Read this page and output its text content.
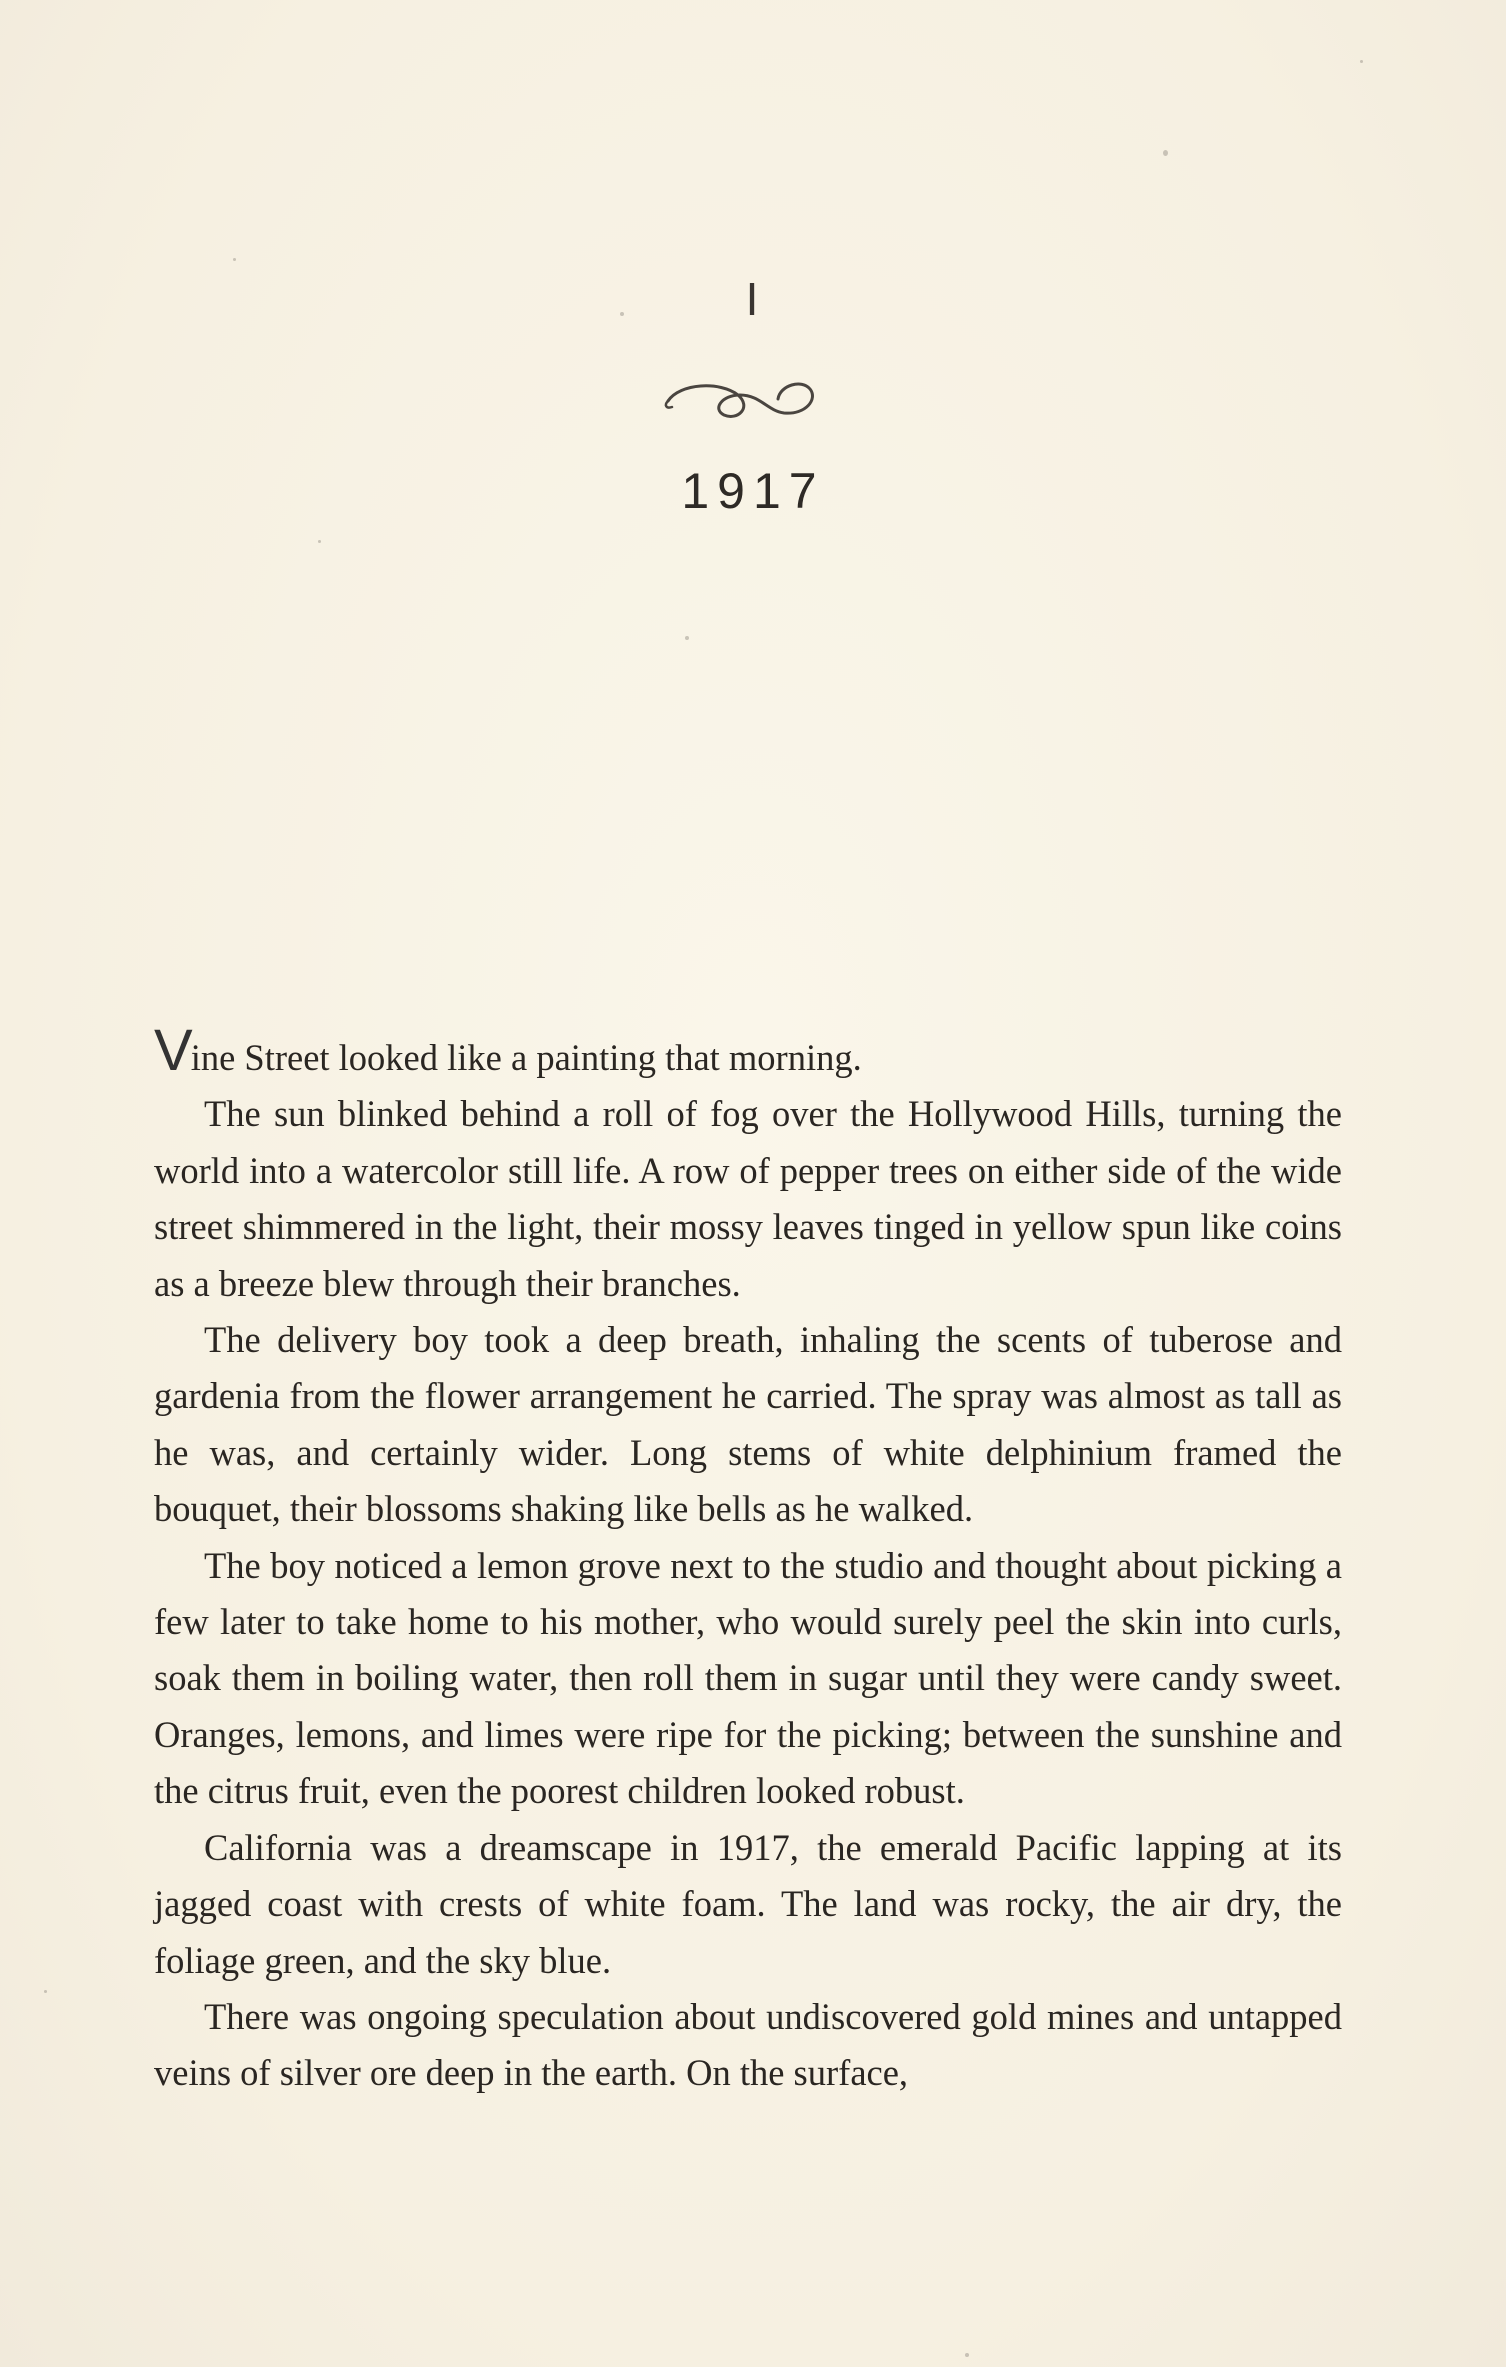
I
1917

Vine Street looked like a painting that morning.

The sun blinked behind a roll of fog over the Hollywood Hills, turning the world into a watercolor still life. A row of pepper trees on either side of the wide street shimmered in the light, their mossy leaves tinged in yellow spun like coins as a breeze blew through their branches.

The delivery boy took a deep breath, inhaling the scents of tuberose and gardenia from the flower arrangement he carried. The spray was almost as tall as he was, and certainly wider. Long stems of white delphinium framed the bouquet, their blossoms shaking like bells as he walked.

The boy noticed a lemon grove next to the studio and thought about picking a few later to take home to his mother, who would surely peel the skin into curls, soak them in boiling water, then roll them in sugar until they were candy sweet. Oranges, lemons, and limes were ripe for the picking; between the sunshine and the citrus fruit, even the poorest children looked robust.

California was a dreamscape in 1917, the emerald Pacific lapping at its jagged coast with crests of white foam. The land was rocky, the air dry, the foliage green, and the sky blue.

There was ongoing speculation about undiscovered gold mines and untapped veins of silver ore deep in the earth. On the surface,
